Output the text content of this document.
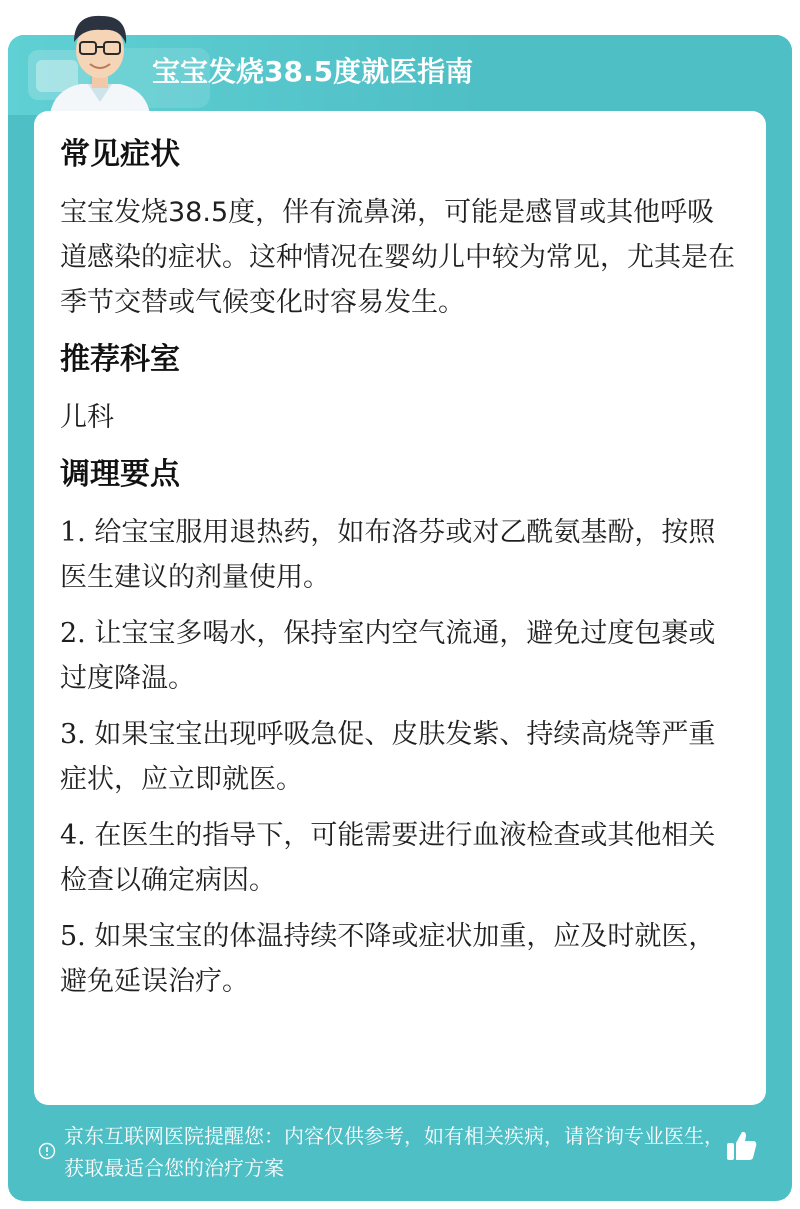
宝宝发烧38.5度就医指南
常见症状
宝宝发烧38.5度，伴有流鼻涕，可能是感冒或其他呼吸道感染的症状。这种情况在婴幼儿中较为常见，尤其是在季节交替或气候变化时容易发生。
推荐科室
儿科
调理要点
1. 给宝宝服用退热药，如布洛芬或对乙酰氨基酚，按照医生建议的剂量使用。
2. 让宝宝多喝水，保持室内空气流通，避免过度包裹或过度降温。
3. 如果宝宝出现呼吸急促、皮肤发紫、持续高烧等严重症状，应立即就医。
4. 在医生的指导下，可能需要进行血液检查或其他相关检查以确定病因。
5. 如果宝宝的体温持续不降或症状加重，应及时就医，避免延误治疗。
京东互联网医院提醒您：内容仅供参考，如有相关疾病，请咨询专业医生，获取最适合您的治疗方案
